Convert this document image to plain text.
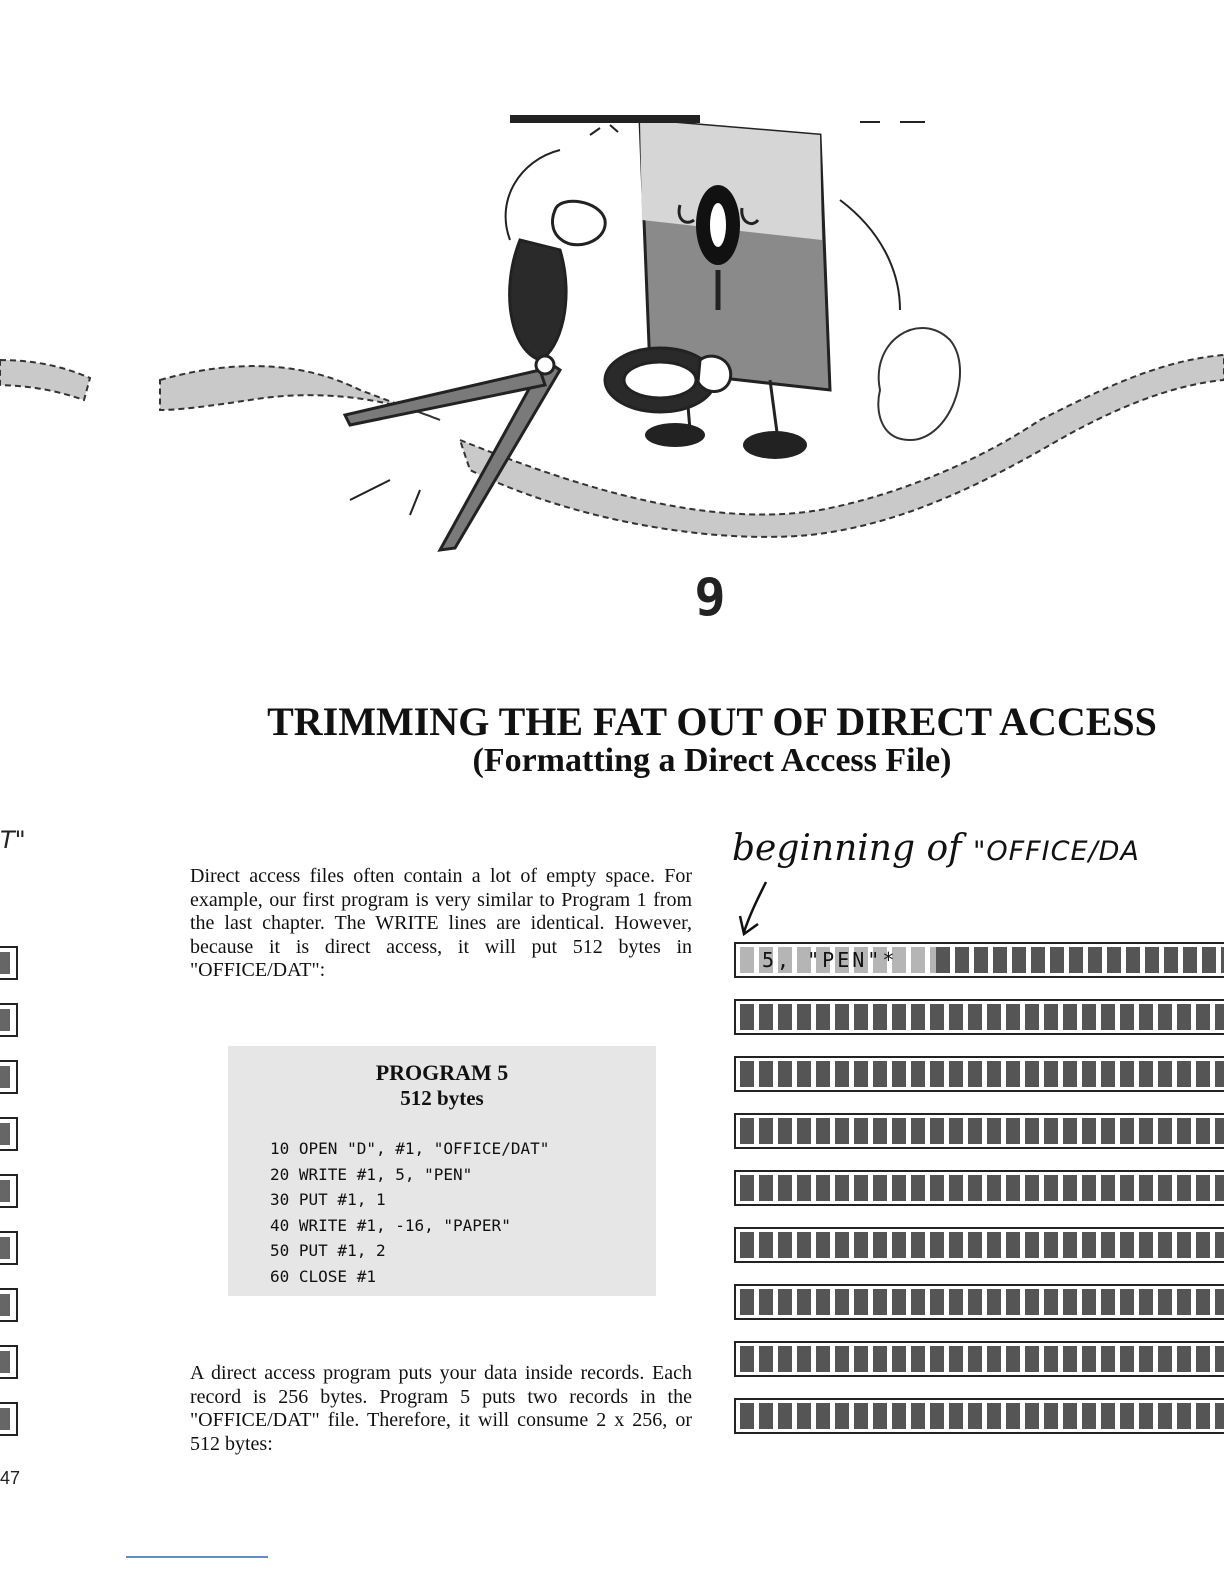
9
TRIMMING THE FAT OUT OF DIRECT ACCESS
(Formatting a Direct Access File)
T"
47

Direct access files often contain a lot of empty space. For example, our first program is very similar to Program 1 from the last chapter. The WRITE lines are identical. However, because it is direct access, it will put 512 bytes in "OFFICE/DAT":

PROGRAM 5
512 bytes
10 OPEN "D", #1, "OFFICE/DAT"
20 WRITE #1, 5, "PEN"
30 PUT #1, 1
40 WRITE #1, -16, "PAPER"
50 PUT #1, 2
60 CLOSE #1

A direct access program puts your data inside records. Each record is 256 bytes. Program 5 puts two records in the "OFFICE/DAT" file. Therefore, it will consume 2 x 256, or 512 bytes:

beginning of "OFFICE/DA
5, "PEN"*
